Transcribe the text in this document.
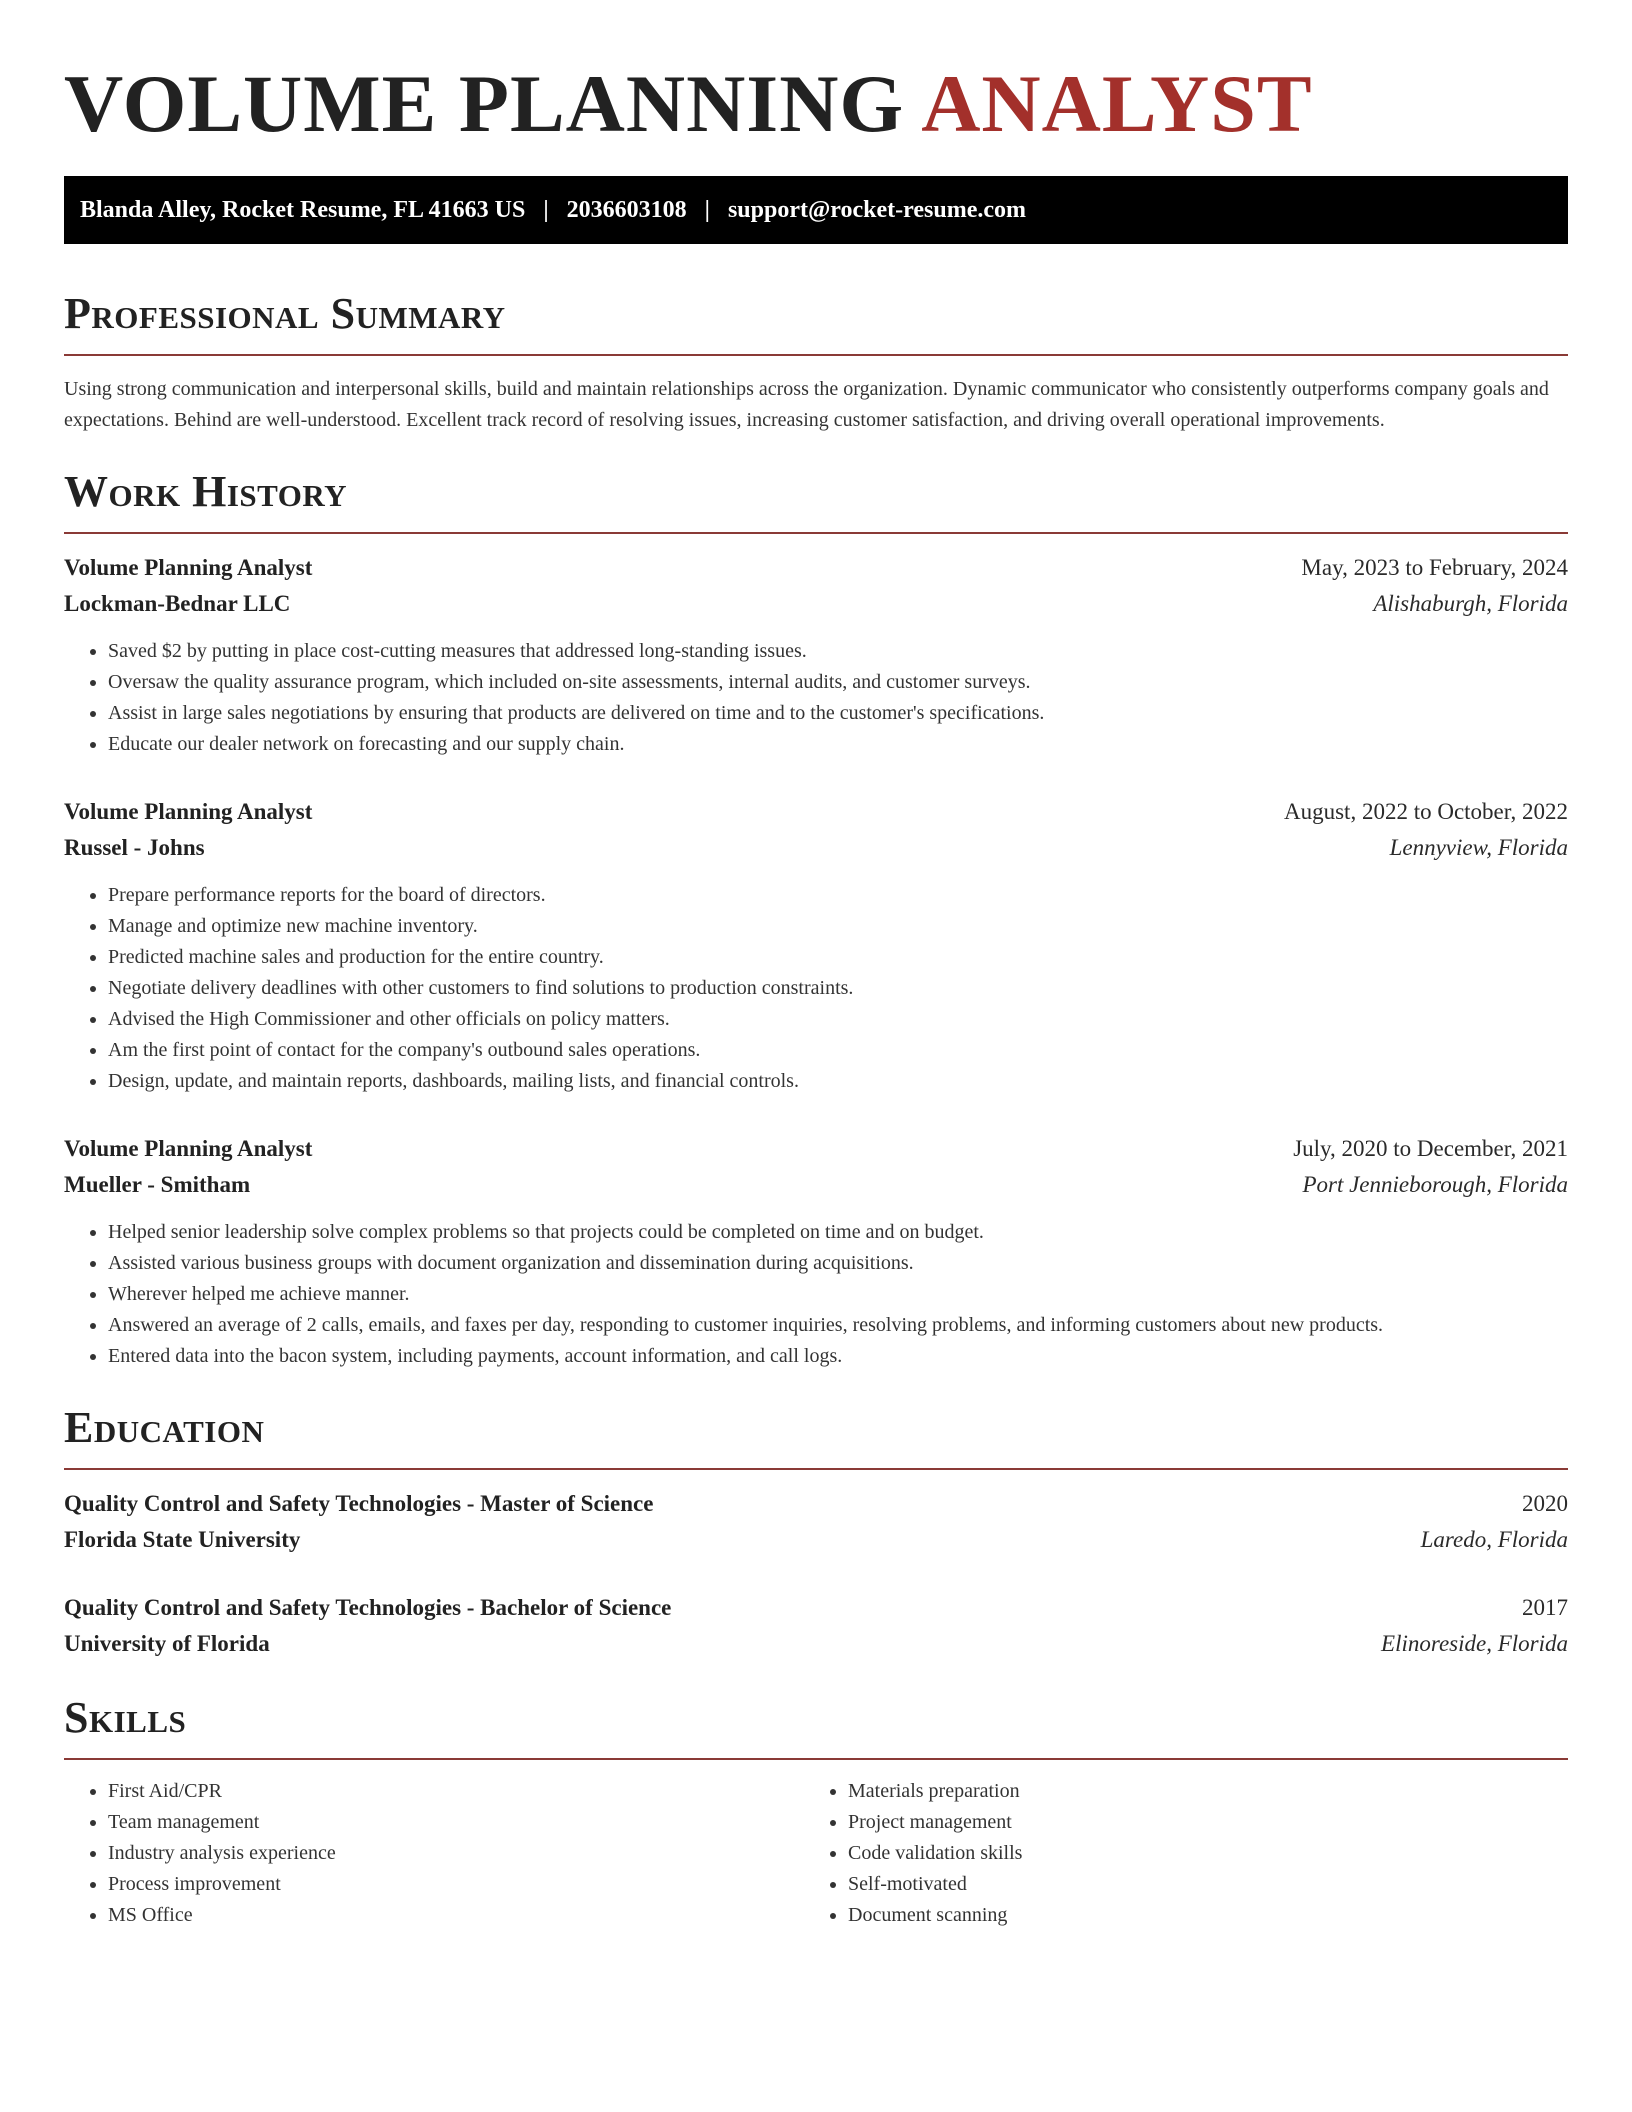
VOLUME PLANNING ANALYST
Blanda Alley, Rocket Resume, FL 41663 US | 2036603108 | support@rocket-resume.com
Professional Summary

Using strong communication and interpersonal skills, build and maintain relationships across the organization. Dynamic communicator who consistently outperforms company goals and expectations. Behind are well-understood. Excellent track record of resolving issues, increasing customer satisfaction, and driving overall operational improvements.

Work History
Volume Planning Analyst	May, 2023 to February, 2024
Lockman-Bednar LLC	Alishaburgh, Florida
• Saved $2 by putting in place cost-cutting measures that addressed long-standing issues.
• Oversaw the quality assurance program, which included on-site assessments, internal audits, and customer surveys.
• Assist in large sales negotiations by ensuring that products are delivered on time and to the customer's specifications.
• Educate our dealer network on forecasting and our supply chain.
Volume Planning Analyst	August, 2022 to October, 2022
Russel - Johns	Lennyview, Florida
• Prepare performance reports for the board of directors.
• Manage and optimize new machine inventory.
• Predicted machine sales and production for the entire country.
• Negotiate delivery deadlines with other customers to find solutions to production constraints.
• Advised the High Commissioner and other officials on policy matters.
• Am the first point of contact for the company's outbound sales operations.
• Design, update, and maintain reports, dashboards, mailing lists, and financial controls.
Volume Planning Analyst	July, 2020 to December, 2021
Mueller - Smitham	Port Jennieborough, Florida
• Helped senior leadership solve complex problems so that projects could be completed on time and on budget.
• Assisted various business groups with document organization and dissemination during acquisitions.
• Wherever helped me achieve manner.
• Answered an average of 2 calls, emails, and faxes per day, responding to customer inquiries, resolving problems, and informing customers about new products.
• Entered data into the bacon system, including payments, account information, and call logs.
Education
Quality Control and Safety Technologies - Master of Science	2020
Florida State University	Laredo, Florida
Quality Control and Safety Technologies - Bachelor of Science	2017
University of Florida	Elinoreside, Florida
Skills
• First Aid/CPR
• Team management
• Industry analysis experience
• Process improvement
• MS Office
• Materials preparation
• Project management
• Code validation skills
• Self-motivated
• Document scanning
